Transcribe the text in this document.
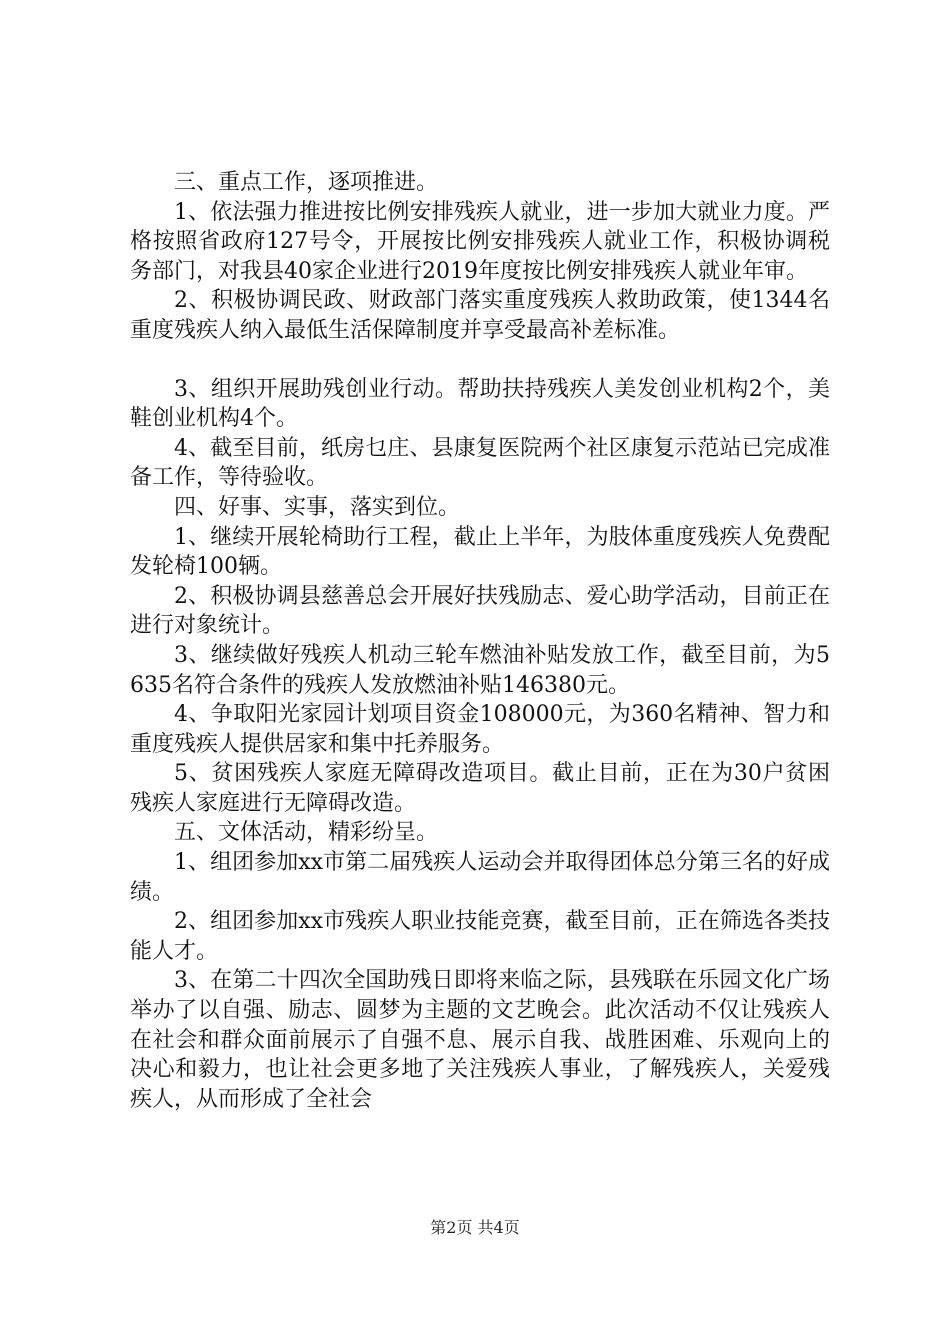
三、重点工作，逐项推进。

1、依法强力推进按比例安排残疾人就业，进一步加大就业力度。严格按照省政府127号令，开展按比例安排残疾人就业工作，积极协调税务部门，对我县40家企业进行2019年度按比例安排残疾人就业年审。

2、积极协调民政、财政部门落实重度残疾人救助政策，使1344名重度残疾人纳入最低生活保障制度并享受最高补差标准。

3、组织开展助残创业行动。帮助扶持残疾人美发创业机构2个，美鞋创业机构4个。

4、截至目前，纸房乜庄、县康复医院两个社区康复示范站已完成准备工作，等待验收。

四、好事、实事，落实到位。

1、继续开展轮椅助行工程，截止上半年，为肢体重度残疾人免费配发轮椅100辆。

2、积极协调县慈善总会开展好扶残励志、爱心助学活动，目前正在进行对象统计。

3、继续做好残疾人机动三轮车燃油补贴发放工作，截至目前，为5635名符合条件的残疾人发放燃油补贴146380元。

4、争取阳光家园计划项目资金108000元，为360名精神、智力和重度残疾人提供居家和集中托养服务。

5、贫困残疾人家庭无障碍改造项目。截止目前，正在为30户贫困残疾人家庭进行无障碍改造。

五、文体活动，精彩纷呈。

1、组团参加xx市第二届残疾人运动会并取得团体总分第三名的好成绩。

2、组团参加xx市残疾人职业技能竞赛，截至目前，正在筛选各类技能人才。

3、在第二十四次全国助残日即将来临之际，县残联在乐园文化广场举办了以自强、励志、圆梦为主题的文艺晚会。此次活动不仅让残疾人在社会和群众面前展示了自强不息、展示自我、战胜困难、乐观向上的决心和毅力，也让社会更多地了关注残疾人事业，了解残疾人，关爱残疾人，从而形成了全社会

第2页 共4页
